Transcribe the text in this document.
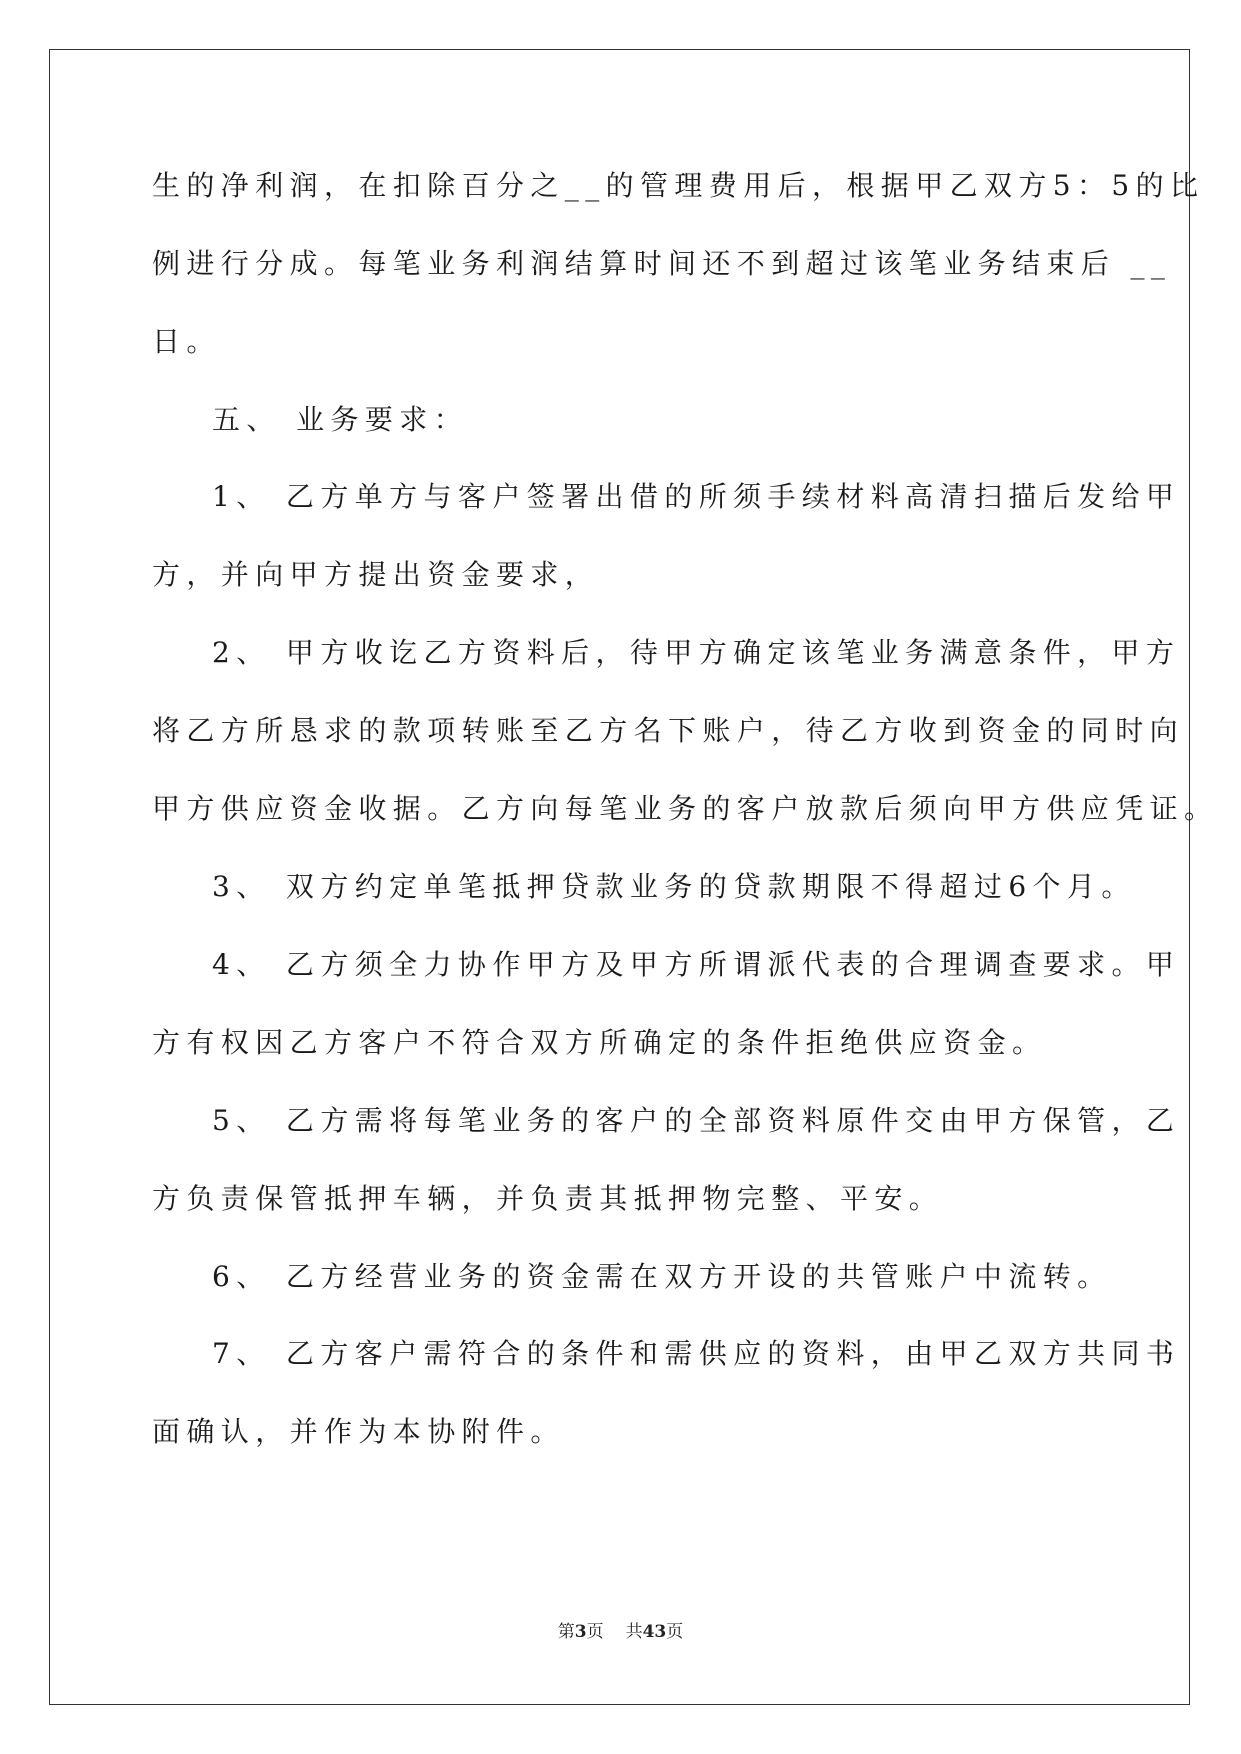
生的净利润，在扣除百分之__的管理费用后，根据甲乙双方5：5的比
例进行分成。每笔业务利润结算时间还不到超过该笔业务结束后 __
日。
五、 业务要求：
1、 乙方单方与客户签署出借的所须手续材料高清扫描后发给甲
方，并向甲方提出资金要求，
2、 甲方收讫乙方资料后，待甲方确定该笔业务满意条件，甲方
将乙方所恳求的款项转账至乙方名下账户，待乙方收到资金的同时向
甲方供应资金收据。乙方向每笔业务的客户放款后须向甲方供应凭证。
3、 双方约定单笔抵押贷款业务的贷款期限不得超过6个月。
4、 乙方须全力协作甲方及甲方所谓派代表的合理调查要求。甲
方有权因乙方客户不符合双方所确定的条件拒绝供应资金。
5、 乙方需将每笔业务的客户的全部资料原件交由甲方保管，乙
方负责保管抵押车辆，并负责其抵押物完整、平安。
6、 乙方经营业务的资金需在双方开设的共管账户中流转。
7、 乙方客户需符合的条件和需供应的资料，由甲乙双方共同书
面确认，并作为本协附件。
第3页 共43页
